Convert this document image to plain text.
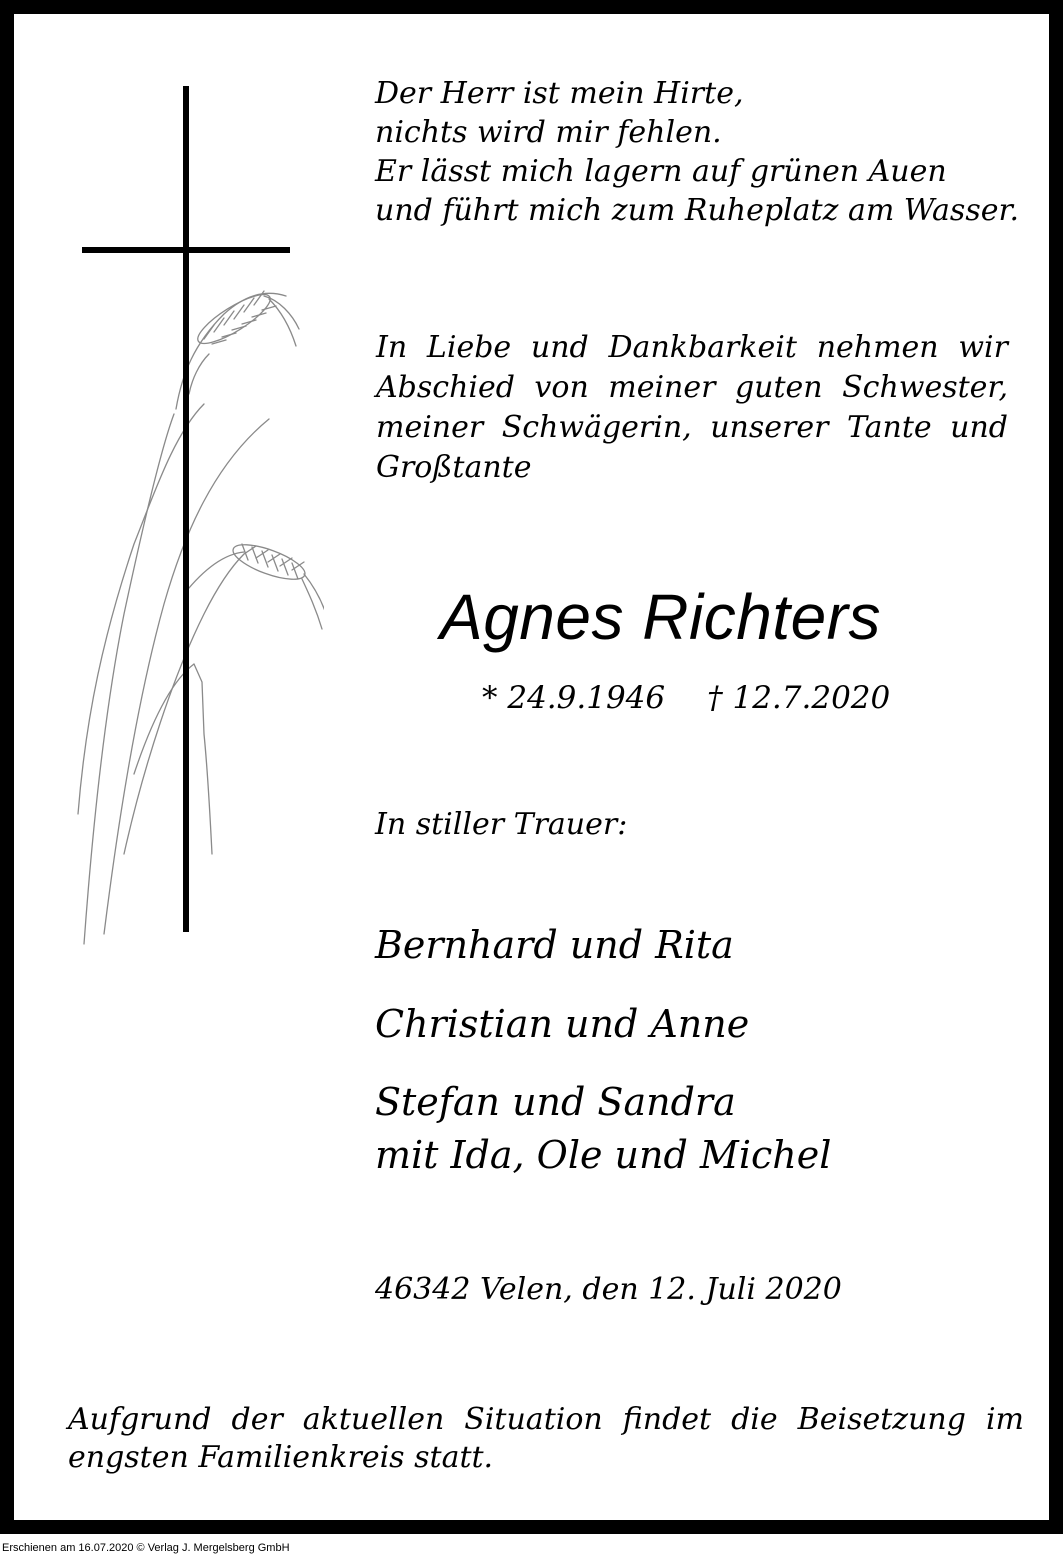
Der Herr ist mein Hirte,
nichts wird mir fehlen.
Er lässt mich lagern auf grünen Auen
und führt mich zum Ruheplatz am Wasser.
In Liebe und Dankbarkeit nehmen wir
Abschied von meiner guten Schwester,
meiner Schwägerin, unserer Tante und
Großtante
Agnes Richters
* 24.9.1946 † 12.7.2020
In stiller Trauer:
Bernhard und Rita
Christian und Anne
Stefan und Sandra
mit Ida, Ole und Michel
46342 Velen, den 12. Juli 2020
Aufgrund der aktuellen Situation findet die Beisetzung im
engsten Familienkreis statt.
Erschienen am 16.07.2020 © Verlag J. Mergelsberg GmbH
